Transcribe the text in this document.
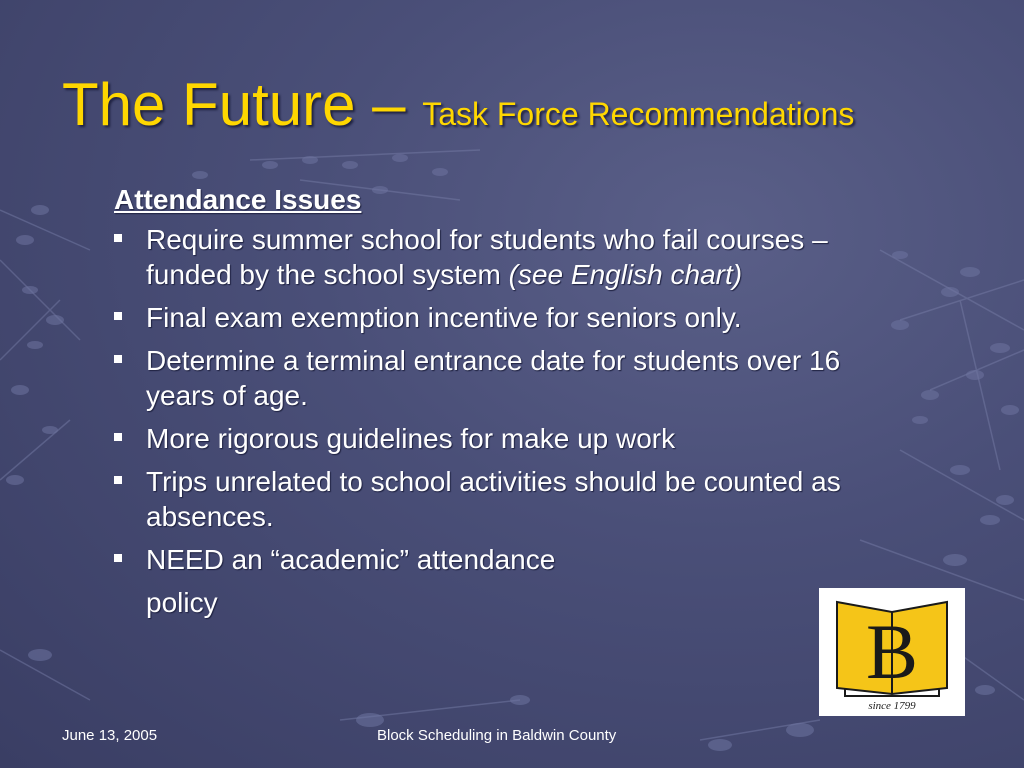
The Future – Task Force Recommendations
Attendance Issues
Require summer school for students who fail courses – funded by the school system (see English chart)
Final exam exemption incentive for seniors only.
Determine a terminal entrance date for students over 16 years of age.
More rigorous guidelines for make up work
Trips unrelated to school activities should be counted as absences.
NEED an “academic” attendance
policy
B
since 1799
June 13, 2005	Block Scheduling in Baldwin County
